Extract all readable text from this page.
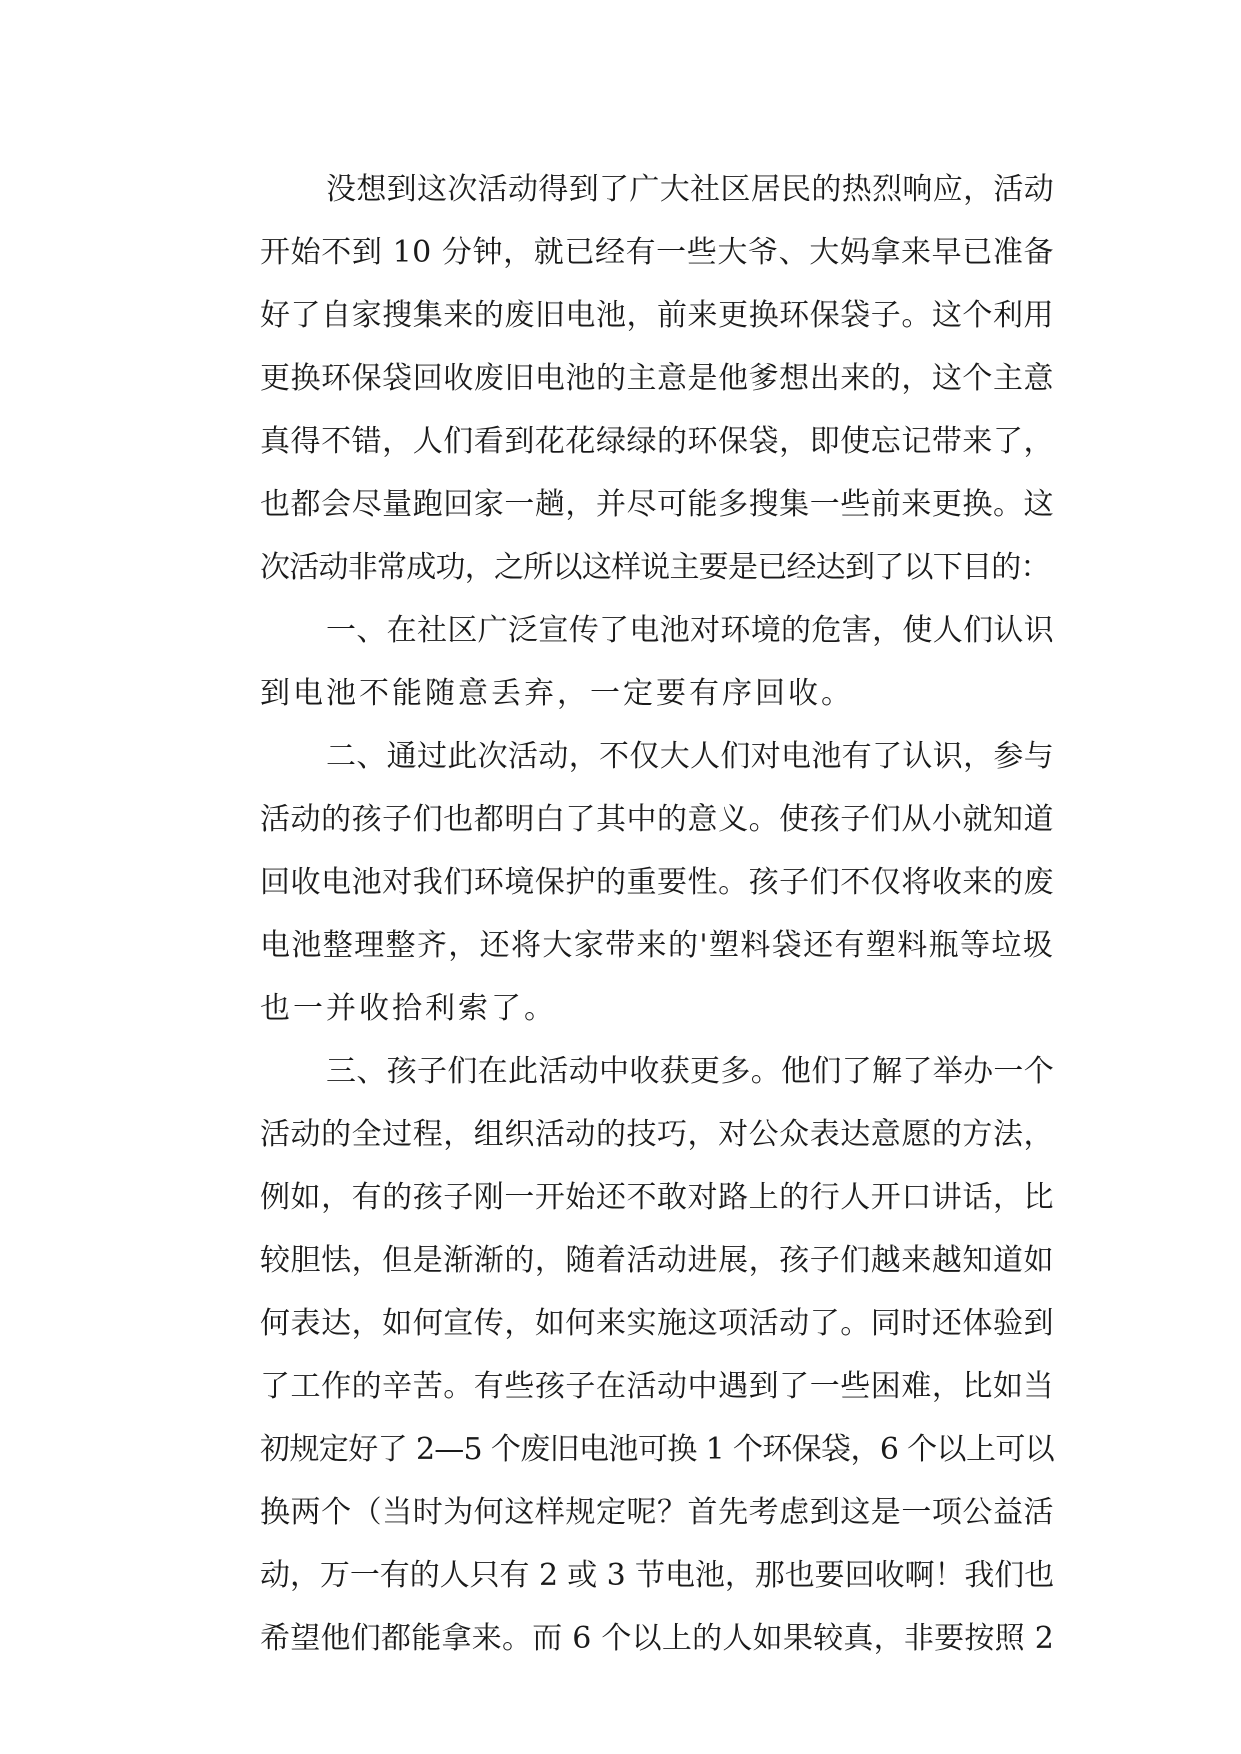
没想到这次活动得到了广大社区居民的热烈响应，活动
开始不到 10 分钟，就已经有一些大爷、大妈拿来早已准备
好了自家搜集来的废旧电池，前来更换环保袋子。这个利用
更换环保袋回收废旧电池的主意是他爹想出来的，这个主意
真得不错，人们看到花花绿绿的环保袋，即使忘记带来了，
也都会尽量跑回家一趟，并尽可能多搜集一些前来更换。这
次活动非常成功，之所以这样说主要是已经达到了以下目的：
一、在社区广泛宣传了电池对环境的危害，使人们认识
到电池不能随意丢弃，一定要有序回收。
二、通过此次活动，不仅大人们对电池有了认识，参与
活动的孩子们也都明白了其中的意义。使孩子们从小就知道
回收电池对我们环境保护的重要性。孩子们不仅将收来的废
电池整理整齐，还将大家带来的'塑料袋还有塑料瓶等垃圾
也一并收拾利索了。
三、孩子们在此活动中收获更多。他们了解了举办一个
活动的全过程，组织活动的技巧，对公众表达意愿的方法，
例如，有的孩子刚一开始还不敢对路上的行人开口讲话，比
较胆怯，但是渐渐的，随着活动进展，孩子们越来越知道如
何表达，如何宣传，如何来实施这项活动了。同时还体验到
了工作的辛苦。有些孩子在活动中遇到了一些困难，比如当
初规定好了 2—5 个废旧电池可换 1 个环保袋，6 个以上可以
换两个（当时为何这样规定呢？首先考虑到这是一项公益活
动，万一有的人只有 2 或 3 节电池，那也要回收啊！我们也
希望他们都能拿来。而 6 个以上的人如果较真，非要按照 2
